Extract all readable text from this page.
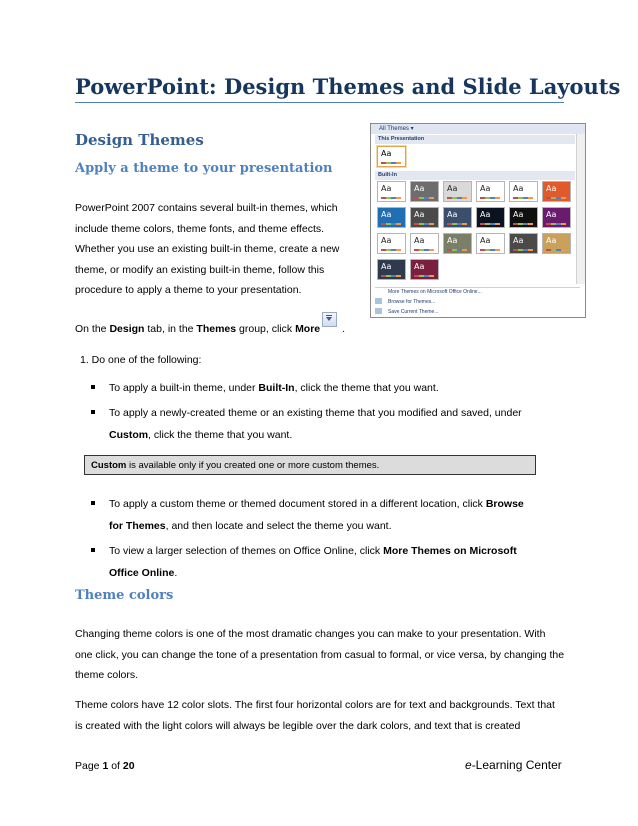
PowerPoint: Design Themes and Slide Layouts
Design Themes
Apply a theme to your presentation
PowerPoint 2007 contains several built-in themes, which include theme colors, theme fonts, and theme effects. Whether you use an existing built-in theme, create a new theme, or modify an existing built-in theme, follow this procedure to apply a theme to your presentation.
On the Design tab, in the Themes group, click More .
1. Do one of the following:
To apply a built-in theme, under Built-In, click the theme that you want.
To apply a newly-created theme or an existing theme that you modified and saved, under Custom, click the theme that you want.
Custom is available only if you created one or more custom themes.
To apply a custom theme or themed document stored in a different location, click Browse for Themes, and then locate and select the theme you want.
To view a larger selection of themes on Office Online, click More Themes on Microsoft Office Online.
Theme colors
Changing theme colors is one of the most dramatic changes you can make to your presentation. With one click, you can change the tone of a presentation from casual to formal, or vice versa, by changing the theme colors.
Theme colors have 12 color slots. The first four horizontal colors are for text and backgrounds. Text that is created with the light colors will always be legible over the dark colors, and text that is created
Page 1 of 20	e-Learning Center
All Themes ▾
This Presentation
Aa
Built-In
More Themes on Microsoft Office Online...
Browse for Themes...
Save Current Theme...
Aa	Aa	Aa	Aa	Aa	Aa
Aa	Aa	Aa	Aa	Aa	Aa
Aa	Aa	Aa	Aa	Aa	Aa
Aa	Aa
